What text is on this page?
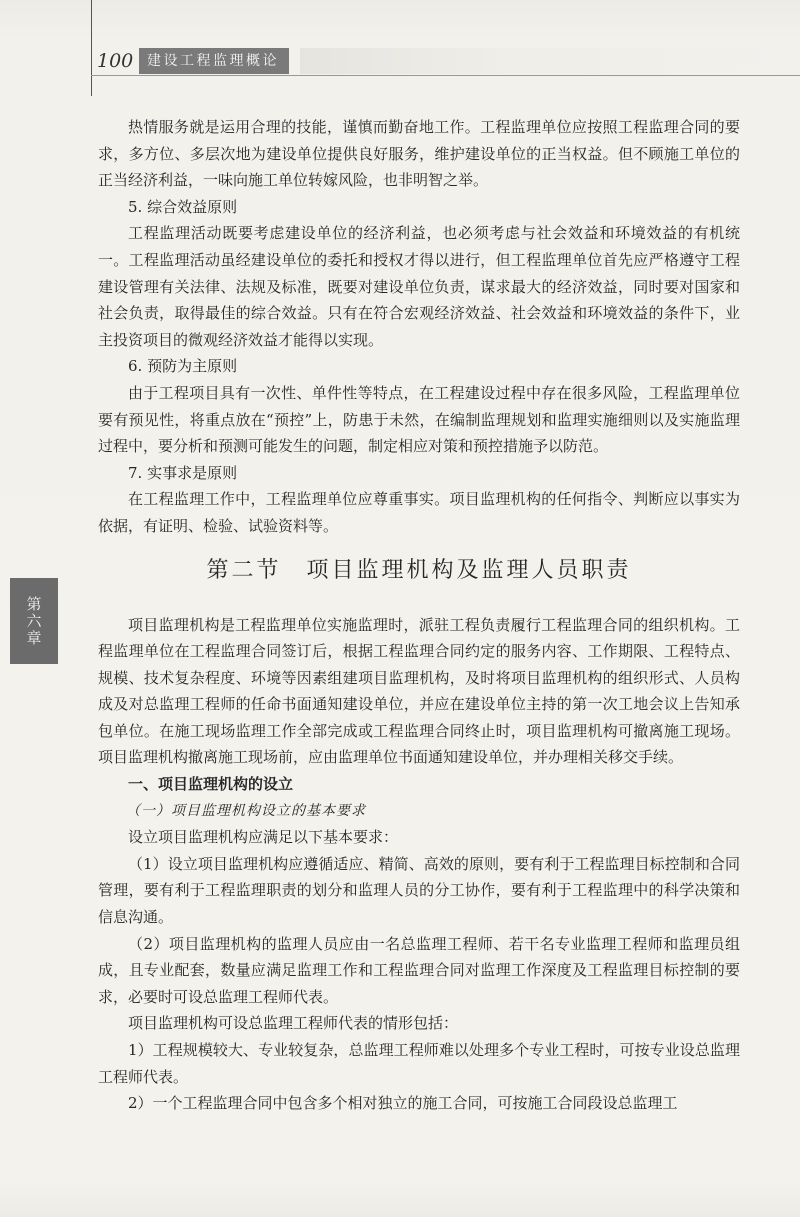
100 建设工程监理概论
第六章

热情服务就是运用合理的技能，谨慎而勤奋地工作。工程监理单位应按照工程监理合同的要求，多方位、多层次地为建设单位提供良好服务，维护建设单位的正当权益。但不顾施工单位的正当经济利益，一味向施工单位转嫁风险，也非明智之举。

5. 综合效益原则

工程监理活动既要考虑建设单位的经济利益，也必须考虑与社会效益和环境效益的有机统一。工程监理活动虽经建设单位的委托和授权才得以进行，但工程监理单位首先应严格遵守工程建设管理有关法律、法规及标准，既要对建设单位负责，谋求最大的经济效益，同时要对国家和社会负责，取得最佳的综合效益。只有在符合宏观经济效益、社会效益和环境效益的条件下，业主投资项目的微观经济效益才能得以实现。

6. 预防为主原则

由于工程项目具有一次性、单件性等特点，在工程建设过程中存在很多风险，工程监理单位要有预见性，将重点放在“预控”上，防患于未然，在编制监理规划和监理实施细则以及实施监理过程中，要分析和预测可能发生的问题，制定相应对策和预控措施予以防范。

7. 实事求是原则

在工程监理工作中，工程监理单位应尊重事实。项目监理机构的任何指令、判断应以事实为依据，有证明、检验、试验资料等。

第二节　项目监理机构及监理人员职责

项目监理机构是工程监理单位实施监理时，派驻工程负责履行工程监理合同的组织机构。工程监理单位在工程监理合同签订后，根据工程监理合同约定的服务内容、工作期限、工程特点、规模、技术复杂程度、环境等因素组建项目监理机构，及时将项目监理机构的组织形式、人员构成及对总监理工程师的任命书面通知建设单位，并应在建设单位主持的第一次工地会议上告知承包单位。在施工现场监理工作全部完成或工程监理合同终止时，项目监理机构可撤离施工现场。项目监理机构撤离施工现场前，应由监理单位书面通知建设单位，并办理相关移交手续。

一、项目监理机构的设立

（一）项目监理机构设立的基本要求

设立项目监理机构应满足以下基本要求：

（1）设立项目监理机构应遵循适应、精简、高效的原则，要有利于工程监理目标控制和合同管理，要有利于工程监理职责的划分和监理人员的分工协作，要有利于工程监理中的科学决策和信息沟通。

（2）项目监理机构的监理人员应由一名总监理工程师、若干名专业监理工程师和监理员组成，且专业配套，数量应满足监理工作和工程监理合同对监理工作深度及工程监理目标控制的要求，必要时可设总监理工程师代表。

项目监理机构可设总监理工程师代表的情形包括：

1）工程规模较大、专业较复杂，总监理工程师难以处理多个专业工程时，可按专业设总监理工程师代表。

2）一个工程监理合同中包含多个相对独立的施工合同，可按施工合同段设总监理工
